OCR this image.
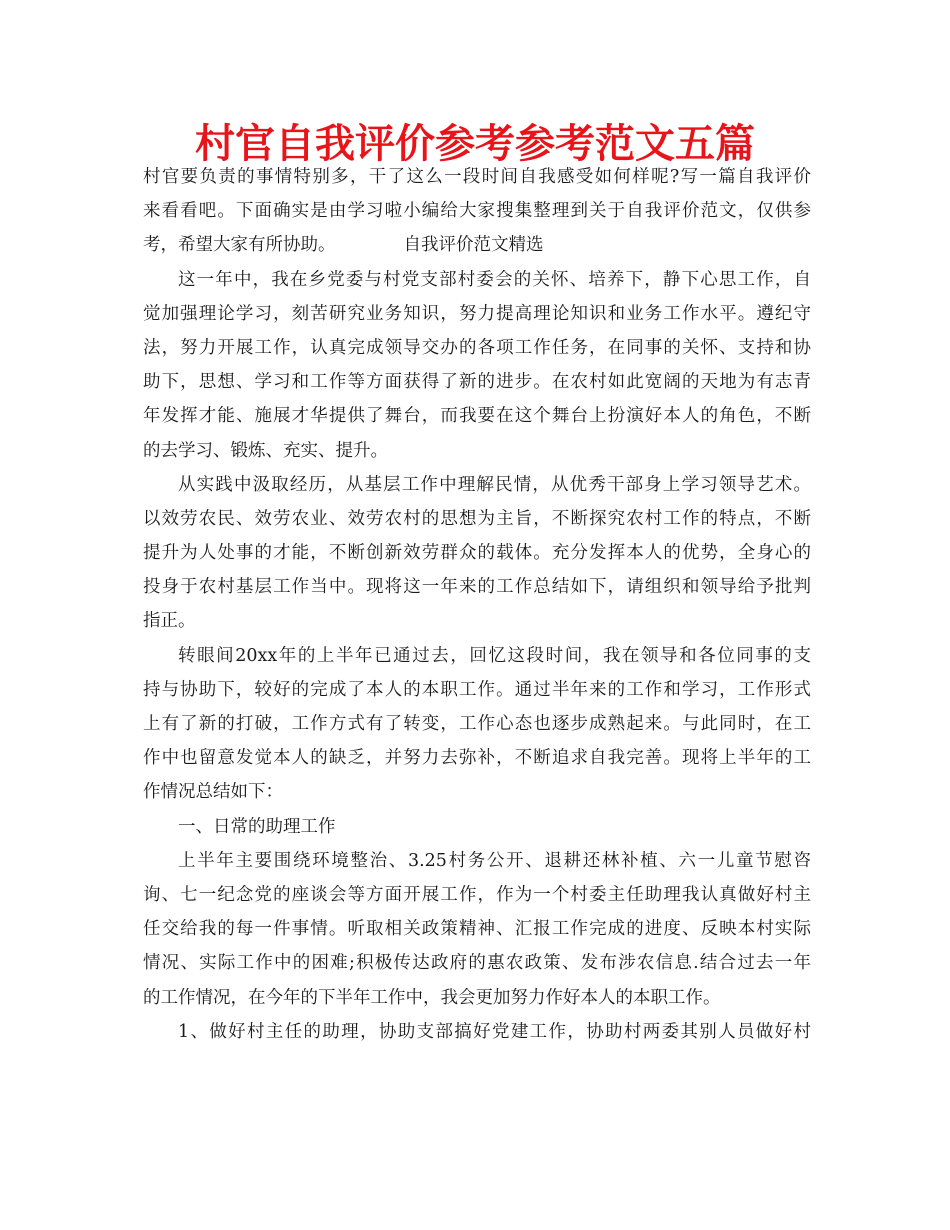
村官自我评价参考参考范文五篇
村官要负责的事情特别多，干了这么一段时间自我感受如何样呢?写一篇自我评价
来看看吧。下面确实是由学习啦小编给大家搜集整理到关于自我评价范文，仅供参
考，希望大家有所协助。	自我评价范文精选
这一年中，我在乡党委与村党支部村委会的关怀、培养下，静下心思工作，自
觉加强理论学习，刻苦研究业务知识，努力提高理论知识和业务工作水平。遵纪守
法，努力开展工作，认真完成领导交办的各项工作任务，在同事的关怀、支持和协
助下，思想、学习和工作等方面获得了新的进步。在农村如此宽阔的天地为有志青
年发挥才能、施展才华提供了舞台，而我要在这个舞台上扮演好本人的角色，不断
的去学习、锻炼、充实、提升。
从实践中汲取经历，从基层工作中理解民情，从优秀干部身上学习领导艺术。
以效劳农民、效劳农业、效劳农村的思想为主旨，不断探究农村工作的特点，不断
提升为人处事的才能，不断创新效劳群众的载体。充分发挥本人的优势，全身心的
投身于农村基层工作当中。现将这一年来的工作总结如下，请组织和领导给予批判
指正。
转眼间20xx年的上半年已通过去，回忆这段时间，我在领导和各位同事的支
持与协助下，较好的完成了本人的本职工作。通过半年来的工作和学习，工作形式
上有了新的打破，工作方式有了转变，工作心态也逐步成熟起来。与此同时，在工
作中也留意发觉本人的缺乏，并努力去弥补，不断追求自我完善。现将上半年的工
作情况总结如下：
一、日常的助理工作
上半年主要围绕环境整治、3.25村务公开、退耕还林补植、六一儿童节慰咨
询、七一纪念党的座谈会等方面开展工作，作为一个村委主任助理我认真做好村主
任交给我的每一件事情。听取相关政策精神、汇报工作完成的进度、反映本村实际
情况、实际工作中的困难;积极传达政府的惠农政策、发布涉农信息.结合过去一年
的工作情况，在今年的下半年工作中，我会更加努力作好本人的本职工作。
1、做好村主任的助理，协助支部搞好党建工作，协助村两委其别人员做好村
